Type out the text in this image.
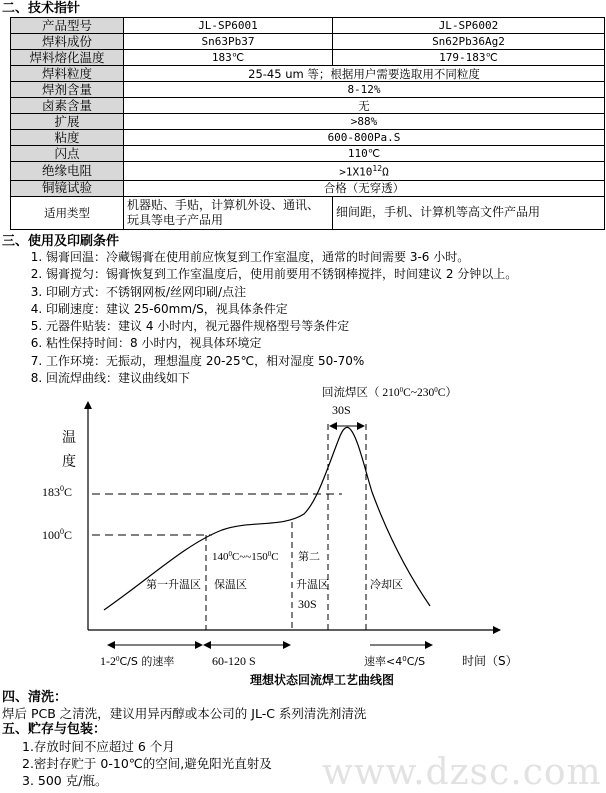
二、技术指针
产品型号	JL-SP6001	JL-SP6002
焊料成份	Sn63Pb37	Sn62Pb36Ag2
焊料熔化温度	183℃	179-183℃
焊料粒度	25-45 um 等；根据用户需要选取用不同粒度	
焊剂含量	8-12%	
卤素含量	无	
扩展	>88%	
粘度	600-800Pa.S	
闪点	110℃	
绝缘电阻	$>1X10^{12}\Omega$	
铜镜试验	合格（无穿透）	
适用类型	机器贴、手贴，计算机外设、通讯、玩具等电子产品用	细间距，手机、计算机等高文件产品用
三、使用及印刷条件
1. 锡膏回温：冷藏锡膏在使用前应恢复到工作室温度，通常的时间需要 3-6 小时。
2. 锡膏搅匀：锡膏恢复到工作室温度后，使用前要用不锈钢棒搅拌，时间建议 2 分钟以上。
3. 印刷方式：不锈钢网板/丝网印刷/点注
4. 印刷速度：建议 25-60mm/S，视具体条件定
5. 元器件贴装：建议 4 小时内，视元器件规格型号等条件定
6. 粘性保持时间：8 小时内，视具体环境定
7. 工作环境：无振动，理想温度 20-25℃，相对湿度 50-70%
8. 回流焊曲线：建议曲线如下
温
度
$183^0C$
$100^0C$
回流焊区（ $210^0C\sim 230^0C$）
30S
$140^0C\sim\sim 150^0C$
第一升温区 保温区
第二
升温区
30S
冷却区
$1-2^0C/S$ 的速率	60-120 S	速率$<4^0C/S$	时间（S）
理想状态回流焊工艺曲线图
四、清洗：
焊后 PCB 之清洗，建议用异丙醇或本公司的 JL-C 系列清洗剂清洗
五、贮存与包装：
1.存放时间不应超过 6 个月
2.密封存贮于 0-10℃的空间,避免阳光直射及
3. 500 克/瓶。	www.dzsc.com
